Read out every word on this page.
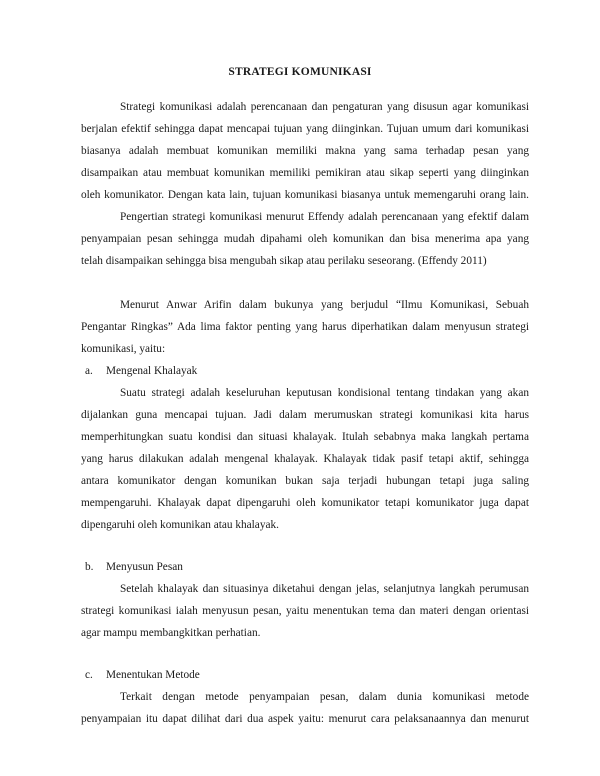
STRATEGI KOMUNIKASI
Strategi komunikasi adalah perencanaan dan pengaturan yang disusun agar komunikasi
berjalan efektif sehingga dapat mencapai tujuan yang diinginkan. Tujuan umum dari komunikasi
biasanya adalah membuat komunikan memiliki makna yang sama terhadap pesan yang
disampaikan atau membuat komunikan memiliki pemikiran atau sikap seperti yang diinginkan
oleh komunikator. Dengan kata lain, tujuan komunikasi biasanya untuk memengaruhi orang lain.
Pengertian strategi komunikasi menurut Effendy adalah perencanaan yang efektif dalam
penyampaian pesan sehingga mudah dipahami oleh komunikan dan bisa menerima apa yang
telah disampaikan sehingga bisa mengubah sikap atau perilaku seseorang. (Effendy 2011)
Menurut Anwar Arifin dalam bukunya yang berjudul “Ilmu Komunikasi, Sebuah
Pengantar Ringkas” Ada lima faktor penting yang harus diperhatikan dalam menyusun strategi
komunikasi, yaitu:
a. Mengenal Khalayak
Suatu strategi adalah keseluruhan keputusan kondisional tentang tindakan yang akan
dijalankan guna mencapai tujuan. Jadi dalam merumuskan strategi komunikasi kita harus
memperhitungkan suatu kondisi dan situasi khalayak. Itulah sebabnya maka langkah pertama
yang harus dilakukan adalah mengenal khalayak. Khalayak tidak pasif tetapi aktif, sehingga
antara komunikator dengan komunikan bukan saja terjadi hubungan tetapi juga saling
mempengaruhi. Khalayak dapat dipengaruhi oleh komunikator tetapi komunikator juga dapat
dipengaruhi oleh komunikan atau khalayak.
b. Menyusun Pesan
Setelah khalayak dan situasinya diketahui dengan jelas, selanjutnya langkah perumusan
strategi komunikasi ialah menyusun pesan, yaitu menentukan tema dan materi dengan orientasi
agar mampu membangkitkan perhatian.
c. Menentukan Metode
Terkait dengan metode penyampaian pesan, dalam dunia komunikasi metode
penyampaian itu dapat dilihat dari dua aspek yaitu: menurut cara pelaksanaannya dan menurut
